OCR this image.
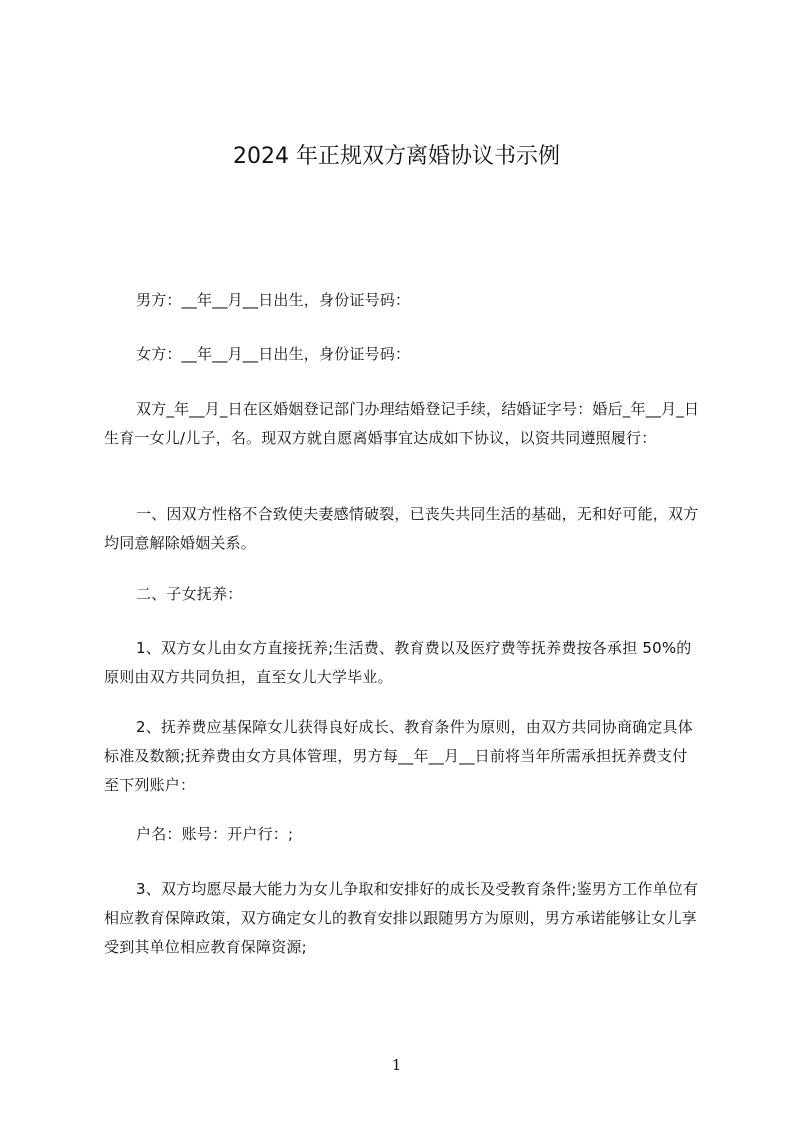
2024 年正规双方离婚协议书示例
男方：__年__月__日出生，身份证号码：
女方：__年__月__日出生，身份证号码：
双方_年__月_日在区婚姻登记部门办理结婚登记手续，结婚证字号：婚后_年__月_日生育一女儿/儿子，名。现双方就自愿离婚事宜达成如下协议，以资共同遵照履行：
一、因双方性格不合致使夫妻感情破裂，已丧失共同生活的基础，无和好可能，双方均同意解除婚姻关系。
二、子女抚养：
1、双方女儿由女方直接抚养;生活费、教育费以及医疗费等抚养费按各承担 50%的原则由双方共同负担，直至女儿大学毕业。
2、抚养费应基保障女儿获得良好成长、教育条件为原则，由双方共同协商确定具体标准及数额;抚养费由女方具体管理，男方每__年__月__日前将当年所需承担抚养费支付至下列账户：
户名：账号：开户行：;
3、双方均愿尽最大能力为女儿争取和安排好的成长及受教育条件;鉴男方工作单位有相应教育保障政策，双方确定女儿的教育安排以跟随男方为原则，男方承诺能够让女儿享受到其单位相应教育保障资源;
1
